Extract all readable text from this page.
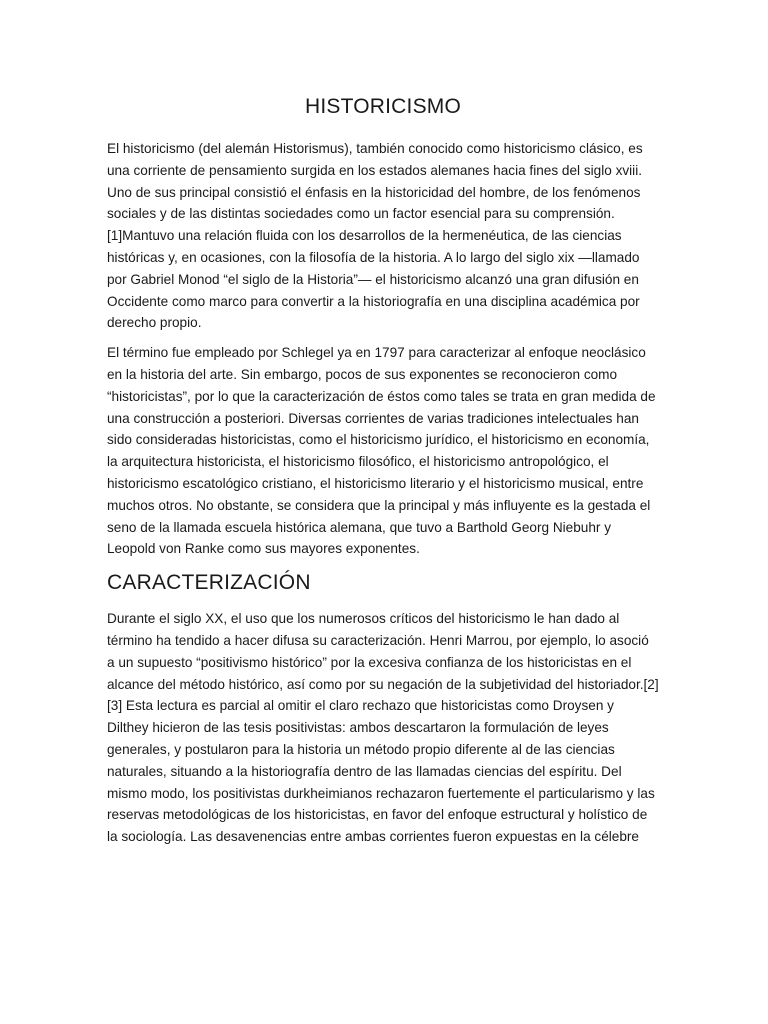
HISTORICISMO

El historicismo (del alemán Historismus), también conocido como historicismo clásico, es una corriente de pensamiento surgida en los estados alemanes hacia fines del siglo xviii. Uno de sus principal consistió el énfasis en la historicidad del hombre, de los fenómenos sociales y de las distintas sociedades como un factor esencial para su comprensión.[1]Mantuvo una relación fluida con los desarrollos de la hermenéutica, de las ciencias históricas y, en ocasiones, con la filosofía de la historia. A lo largo del siglo xix —llamado por Gabriel Monod “el siglo de la Historia”— el historicismo alcanzó una gran difusión en Occidente como marco para convertir a la historiografía en una disciplina académica por derecho propio.

El término fue empleado por Schlegel ya en 1797 para caracterizar al enfoque neoclásico en la historia del arte. Sin embargo, pocos de sus exponentes se reconocieron como “historicistas”, por lo que la caracterización de éstos como tales se trata en gran medida de una construcción a posteriori. Diversas corrientes de varias tradiciones intelectuales han sido consideradas historicistas, como el historicismo jurídico, el historicismo en economía, la arquitectura historicista, el historicismo filosófico, el historicismo antropológico, el historicismo escatológico cristiano, el historicismo literario y el historicismo musical, entre muchos otros. No obstante, se considera que la principal y más influyente es la gestada el seno de la llamada escuela histórica alemana, que tuvo a Barthold Georg Niebuhr y Leopold von Ranke como sus mayores exponentes.

CARACTERIZACIÓN

Durante el siglo XX, el uso que los numerosos críticos del historicismo le han dado al término ha tendido a hacer difusa su caracterización. Henri Marrou, por ejemplo, lo asoció a un supuesto “positivismo histórico” por la excesiva confianza de los historicistas en el alcance del método histórico, así como por su negación de la subjetividad del historiador.[2][3] Esta lectura es parcial al omitir el claro rechazo que historicistas como Droysen y Dilthey hicieron de las tesis positivistas: ambos descartaron la formulación de leyes generales, y postularon para la historia un método propio diferente al de las ciencias naturales, situando a la historiografía dentro de las llamadas ciencias del espíritu. Del mismo modo, los positivistas durkheimianos rechazaron fuertemente el particularismo y las reservas metodológicas de los historicistas, en favor del enfoque estructural y holístico de la sociología. Las desavenencias entre ambas corrientes fueron expuestas en la célebre
